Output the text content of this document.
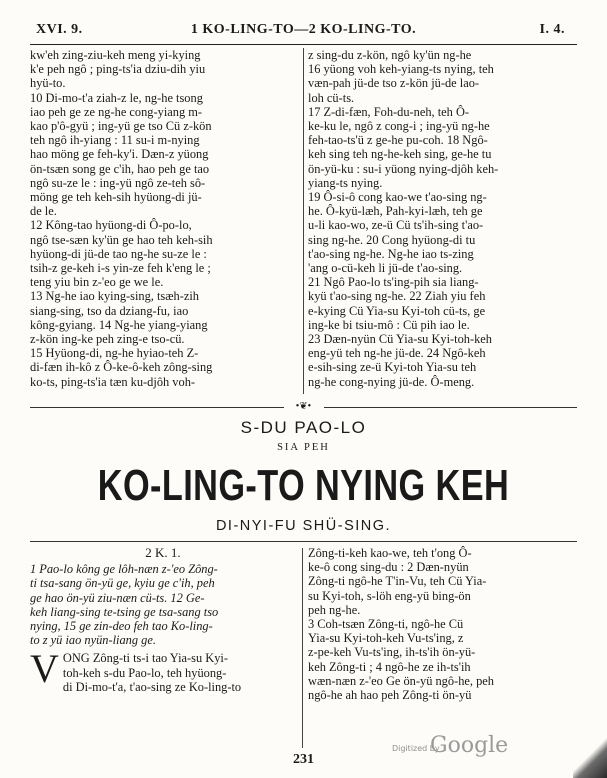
XVI. 9.	1 KO-LING-TO—2 KO-LING-TO.	I. 4.
kw'eh zing-ziu-keh meng yi-kying
k'e peh ngô ; ping-ts'ia dziu-dih yiu
hyü-to.
10 Di-mo-t'a ziah-z le, ng-he tsong
iao peh ge ze ng-he cong-yiang m-
kao p'ô-gyü ; ing-yü ge tso Cü z-kön
teh ngô ih-yiang : 11 su-i m-nying
hao möng ge feh-ky'i. Dæn-z yüong
ön-tsæn song ge c'ih, hao peh ge tao
ngô su-ze le : ing-yü ngô ze-teh sô-
möng ge teh keh-sih hyüong-di jü-
de le.
12 Kông-tao hyüong-di Ô-po-lo,
ngô tse-sæn ky'ün ge hao teh keh-sih
hyüong-di jü-de tao ng-he su-ze le :
tsih-z ge-keh i-s yin-ze feh k'eng le ;
teng yiu bin z-'eo ge we le.
13 Ng-he iao kying-sing, tsæh-zih
siang-sing, tso da dziang-fu, iao
kông-gyiang. 14 Ng-he yiang-yiang
z-kön ing-ke peh zing-e tso-cü.
15 Hyüong-di, ng-he hyiao-teh Z-
di-fæn ih-kô z Ô-ke-ô-keh zông-sing
ko-ts, ping-ts'ia tæn ku-djôh voh-
z sing-du z-kön, ngô ky'ün ng-he
16 yüong voh keh-yiang-ts nying, teh
væn-pah jü-de tso z-kön jü-de lao-
loh cü-ts.
17 Z-di-fæn, Foh-du-neh, teh Ô-
ke-ku le, ngô z cong-i ; ing-yü ng-he
feh-tao-ts'ü z ge-he pu-coh. 18 Ngô-
keh sing teh ng-he-keh sing, ge-he tu
ön-yü-ku : su-i yüong nying-djôh keh-
yiang-ts nying.
19 Ô-si-ô cong kao-we t'ao-sing ng-
he. Ô-kyü-læh, Pah-kyi-læh, teh ge
u-li kao-wo, ze-ü Cü ts'ih-sing t'ao-
sing ng-he. 20 Cong hyüong-di tu
t'ao-sing ng-he. Ng-he iao ts-zing
'ang o-cü-keh li jü-de t'ao-sing.
21 Ngô Pao-lo ts'ing-pih sia liang-
kyü t'ao-sing ng-he. 22 Ziah yiu feh
e-kying Cü Yia-su Kyi-toh cü-ts, ge
ing-ke bi tsiu-mô : Cü pih iao le.
23 Dæn-nyün Cü Yia-su Kyi-toh-keh
eng-yü teh ng-he jü-de. 24 Ngô-keh
e-sih-sing ze-ü Kyi-toh Yia-su teh
ng-he cong-nying jü-de. Ô-meng.
•❦•
S-DU PAO-LO
SIA PEH
KO-LING-TO NYING KEH
DI-NYI-FU SHÜ-SING.
2 K. 1.
1 Pao-lo kông ge lôh-næn z-'eo Zông-
ti tsa-sang ön-yü ge, kyiu ge c'ih, peh
ge hao ön-yü ziu-næn cü-ts. 12 Ge-
keh liang-sing te-tsing ge tsa-sang tso
nying, 15 ge zin-deo feh tao Ko-ling-
to z yü iao nyün-liang ge.
V ONG Zông-ti ts-i tao Yia-su Kyi-
toh-keh s-du Pao-lo, teh hyüong-
di Di-mo-t'a, t'ao-sing ze Ko-ling-to
Zông-ti-keh kao-we, teh t'ong Ô-
ke-ô cong sing-du : 2 Dæn-nyün
Zông-ti ngô-he T'in-Vu, teh Cü Yia-
su Kyi-toh, s-löh eng-yü bing-ön
peh ng-he.
3 Coh-tsæn Zông-ti, ngô-he Cü
Yia-su Kyi-toh-keh Vu-ts'ing, z
z-pe-keh Vu-ts'ing, ih-ts'ih ön-yü-
keh Zông-ti ; 4 ngô-he ze ih-ts'ih
wæn-næn z-'eo Ge ön-yü ngô-he, peh
ngô-he ah hao peh Zông-ti ön-yü
231
Digitized by
Google
